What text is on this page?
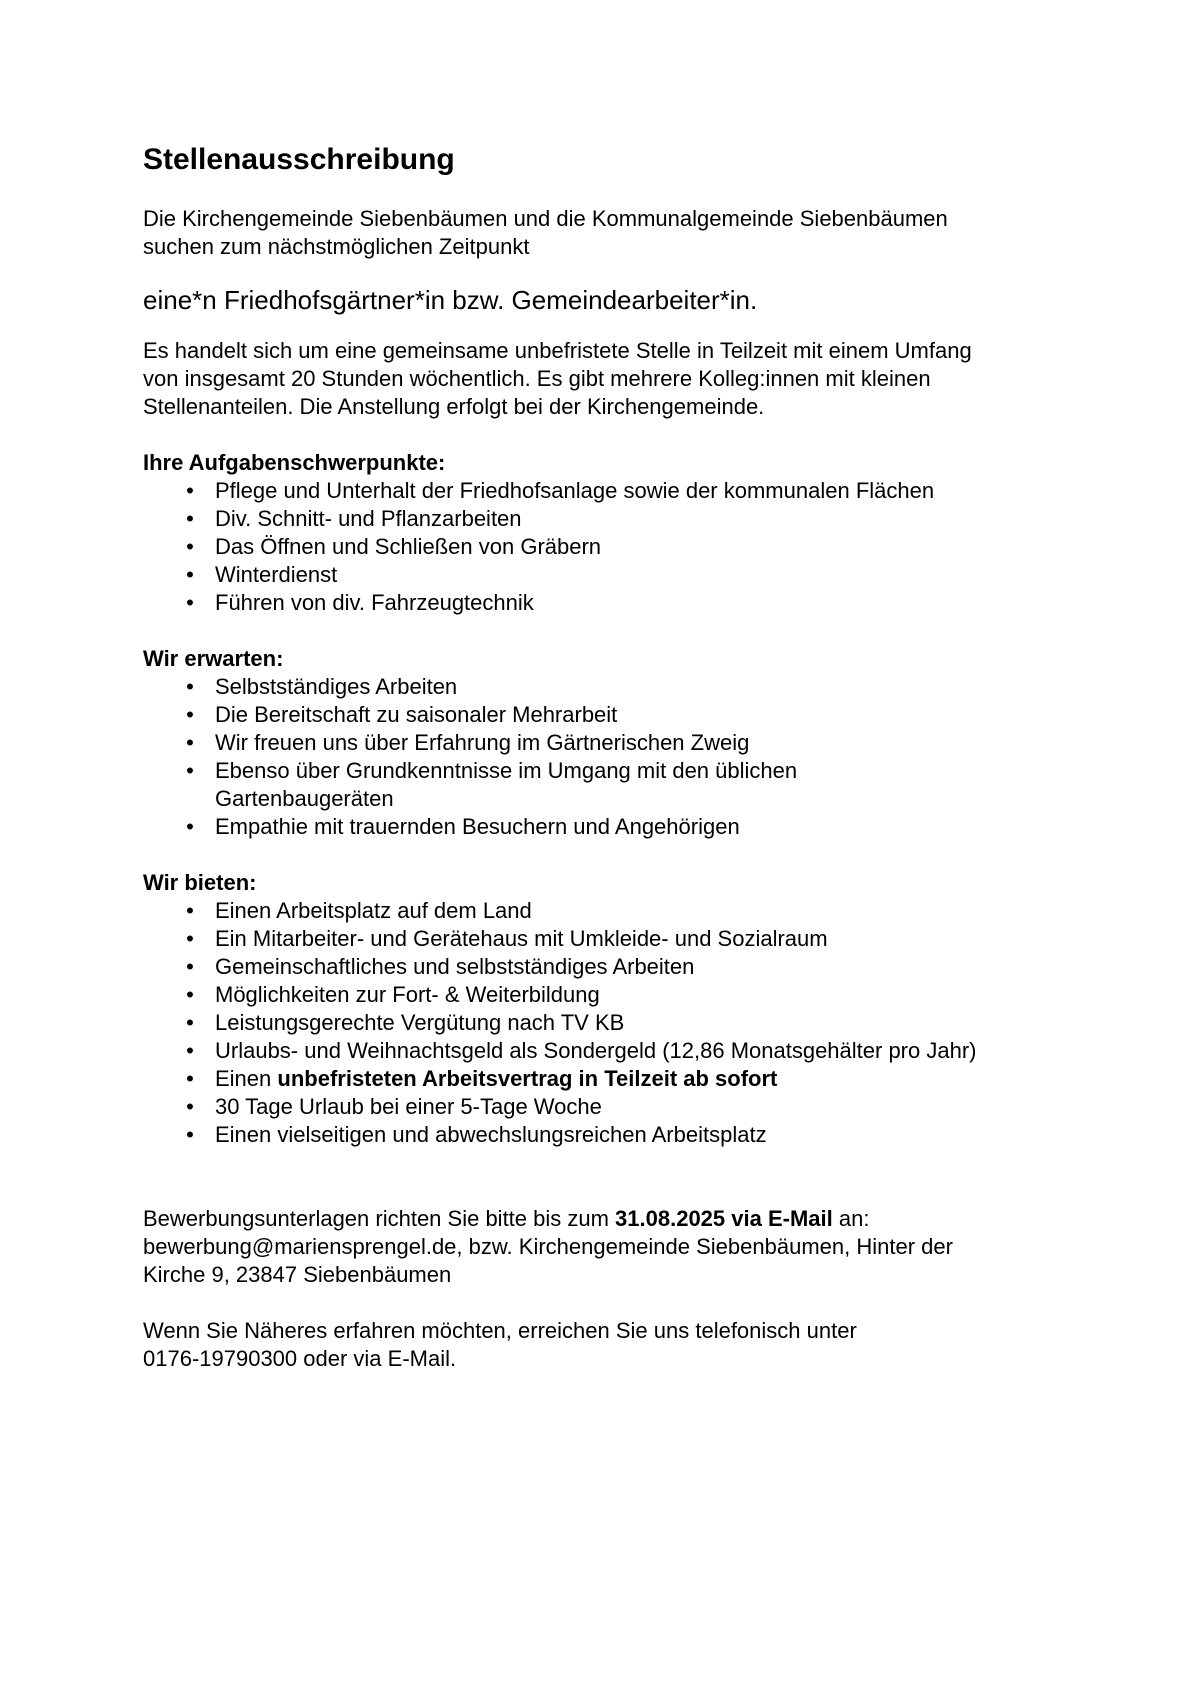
Stellenausschreibung
Die Kirchengemeinde Siebenbäumen und die Kommunalgemeinde Siebenbäumen
suchen zum nächstmöglichen Zeitpunkt
eine*n Friedhofsgärtner*in bzw. Gemeindearbeiter*in.
Es handelt sich um eine gemeinsame unbefristete Stelle in Teilzeit mit einem Umfang
von insgesamt 20 Stunden wöchentlich. Es gibt mehrere Kolleg:innen mit kleinen
Stellenanteilen. Die Anstellung erfolgt bei der Kirchengemeinde.
Ihre Aufgabenschwerpunkte:
• Pflege und Unterhalt der Friedhofsanlage sowie der kommunalen Flächen
• Div. Schnitt- und Pflanzarbeiten
• Das Öffnen und Schließen von Gräbern
• Winterdienst
• Führen von div. Fahrzeugtechnik
Wir erwarten:
• Selbstständiges Arbeiten
• Die Bereitschaft zu saisonaler Mehrarbeit
• Wir freuen uns über Erfahrung im Gärtnerischen Zweig
• Ebenso über Grundkenntnisse im Umgang mit den üblichen
Gartenbaugeräten
• Empathie mit trauernden Besuchern und Angehörigen
Wir bieten:
• Einen Arbeitsplatz auf dem Land
• Ein Mitarbeiter- und Gerätehaus mit Umkleide- und Sozialraum
• Gemeinschaftliches und selbstständiges Arbeiten
• Möglichkeiten zur Fort- & Weiterbildung
• Leistungsgerechte Vergütung nach TV KB
• Urlaubs- und Weihnachtsgeld als Sondergeld (12,86 Monatsgehälter pro Jahr)
• Einen unbefristeten Arbeitsvertrag in Teilzeit ab sofort
• 30 Tage Urlaub bei einer 5-Tage Woche
• Einen vielseitigen und abwechslungsreichen Arbeitsplatz
Bewerbungsunterlagen richten Sie bitte bis zum 31.08.2025 via E-Mail an:
bewerbung@mariensprengel.de, bzw. Kirchengemeinde Siebenbäumen, Hinter der
Kirche 9, 23847 Siebenbäumen
Wenn Sie Näheres erfahren möchten, erreichen Sie uns telefonisch unter
0176-19790300 oder via E-Mail.
